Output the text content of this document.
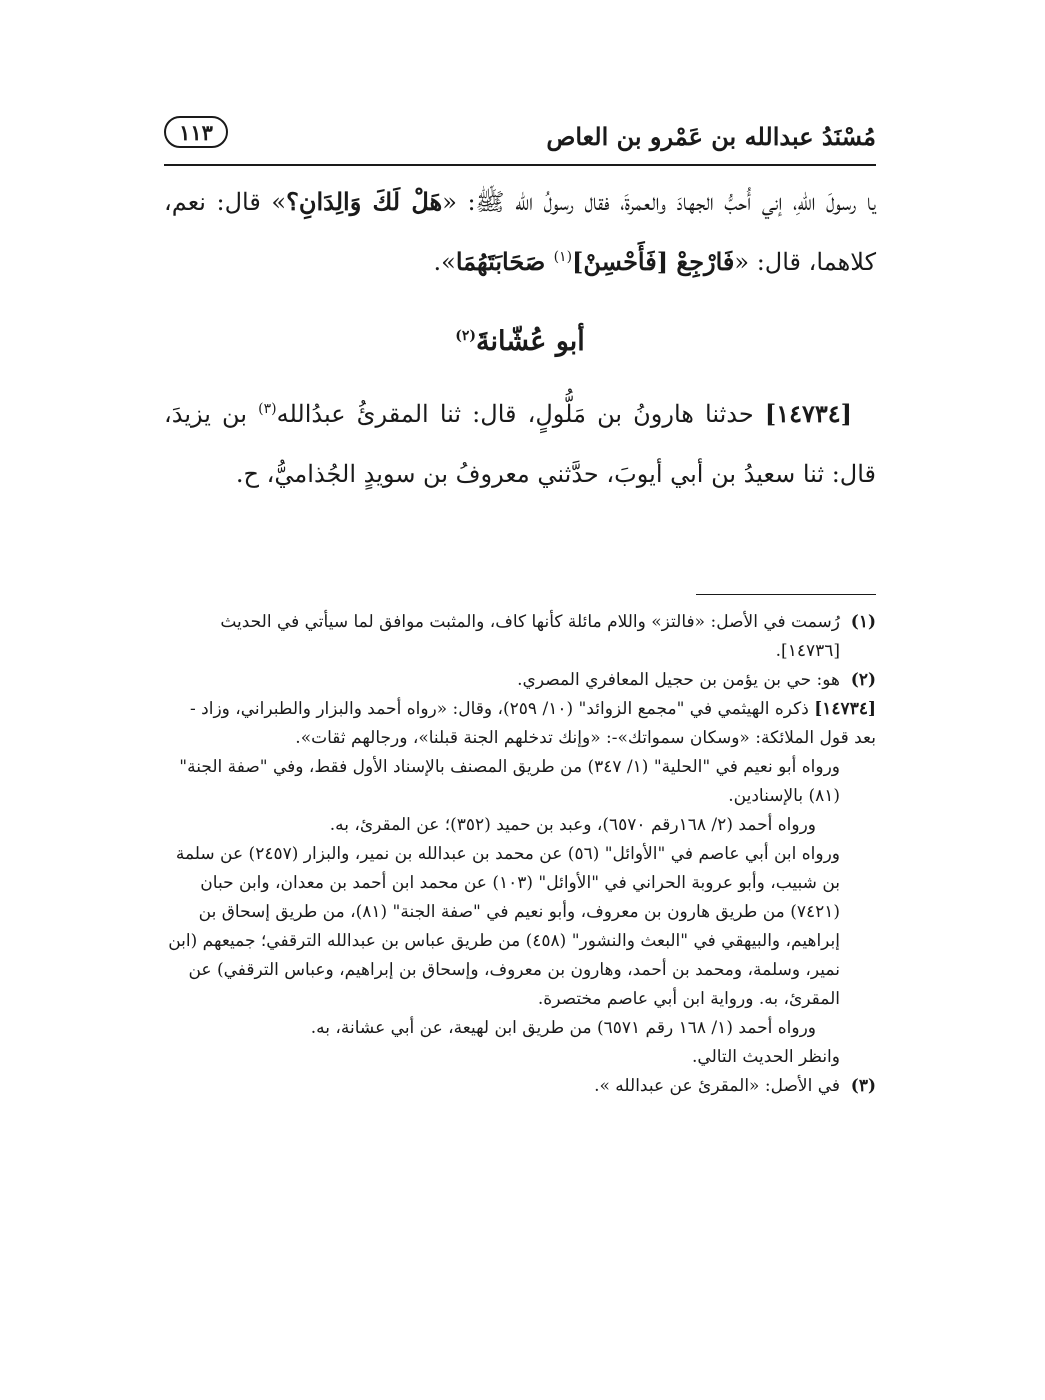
مُسْنَدُ عبدالله بن عَمْرو بن العاص
١١٣

يا رسولَ اللهِ، إني أُحبُّ الجهادَ والعمرةَ، فقال رسولُ الله ﷺ: «هَلْ لَكَ وَالِدَانِ؟» قال: نعم، كلاهما، قال: «فَارْجِعْ [فَأَحْسِنْ]$^{(١)}$ صَحَابَتَهُمَا».

أبو عُشّانةَ$^{(٢)}$

[١٤٧٣٤] حدثنا هارونُ بن مَلُّولٍ، قال: ثنا المقرئُ عبدُالله$^{(٣)}$ بن يزيدَ، قال: ثنا سعيدُ بن أبي أيوبَ، حدَّثني معروفُ بن سويدٍ الجُذاميُّ، ح.

(١)
رُسمت في الأصل: «فالتز» واللام مائلة كأنها كاف، والمثبت موافق لما سيأتي في الحديث [١٤٧٣٦].
(٢)
هو: حي بن يؤمن بن حجيل المعافري المصري.

[١٤٧٣٤] ذكره الهيثمي في "مجمع الزوائد" (١٠/ ٢٥٩)، وقال: «رواه أحمد والبزار والطبراني، وزاد - بعد قول الملائكة: «وسكان سمواتك»-: «وإنك تدخلهم الجنة قبلنا»، ورجالهم ثقات».

ورواه أبو نعيم في "الحلية" (١/ ٣٤٧) من طريق المصنف بالإسناد الأول فقط، وفي "صفة الجنة" (٨١) بالإسنادين.

ورواه أحمد (٢/ ١٦٨رقم ٦٥٧٠)، وعبد بن حميد (٣٥٢)؛ عن المقرئ، به.

ورواه ابن أبي عاصم في "الأوائل" (٥٦) عن محمد بن عبدالله بن نمير، والبزار (٢٤٥٧) عن سلمة بن شبيب، وأبو عروبة الحراني في "الأوائل" (١٠٣) عن محمد ابن أحمد بن معدان، وابن حبان (٧٤٢١) من طريق هارون بن معروف، وأبو نعيم في "صفة الجنة" (٨١)، من طريق إسحاق بن إبراهيم، والبيهقي في "البعث والنشور" (٤٥٨) من طريق عباس بن عبدالله الترقفي؛ جميعهم (ابن نمير، وسلمة، ومحمد بن أحمد، وهارون بن معروف، وإسحاق بن إبراهيم، وعباس الترقفي) عن المقرئ، به. ورواية ابن أبي عاصم مختصرة.

ورواه أحمد (١/ ١٦٨ رقم ٦٥٧١) من طريق ابن لهيعة، عن أبي عشانة، به.

وانظر الحديث التالي.

(٣)
في الأصل: «المقرئ عن عبدالله ».
